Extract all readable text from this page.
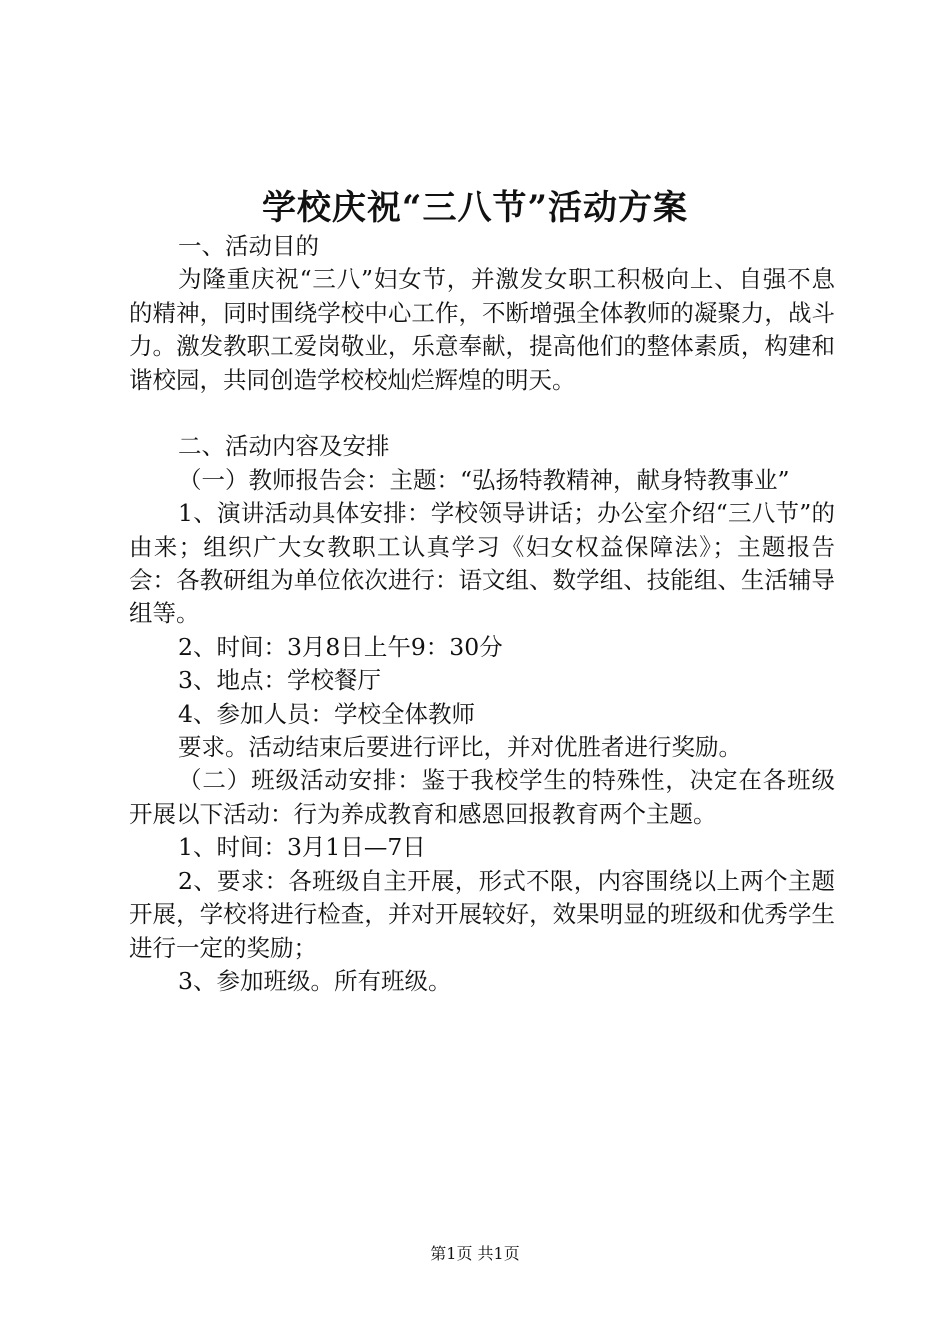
学校庆祝“三八节”活动方案

一、活动目的

为隆重庆祝“三八”妇女节，并激发女职工积极向上、自强不息的精神，同时围绕学校中心工作，不断增强全体教师的凝聚力，战斗力。激发教职工爱岗敬业，乐意奉献，提高他们的整体素质，构建和谐校园，共同创造学校校灿烂辉煌的明天。

二、活动内容及安排

（一）教师报告会：主题：“弘扬特教精神，献身特教事业”

1、演讲活动具体安排：学校领导讲话；办公室介绍“三八节”的由来；组织广大女教职工认真学习《妇女权益保障法》；主题报告会：各教研组为单位依次进行：语文组、数学组、技能组、生活辅导组等。

2、时间：3月8日上午9：30分

3、地点：学校餐厅

4、参加人员：学校全体教师

要求。活动结束后要进行评比，并对优胜者进行奖励。

（二）班级活动安排：鉴于我校学生的特殊性，决定在各班级开展以下活动：行为养成教育和感恩回报教育两个主题。

1、时间：3月1日—7日

2、要求：各班级自主开展，形式不限，内容围绕以上两个主题开展，学校将进行检查，并对开展较好，效果明显的班级和优秀学生进行一定的奖励；

3、参加班级。所有班级。

第1页 共1页
